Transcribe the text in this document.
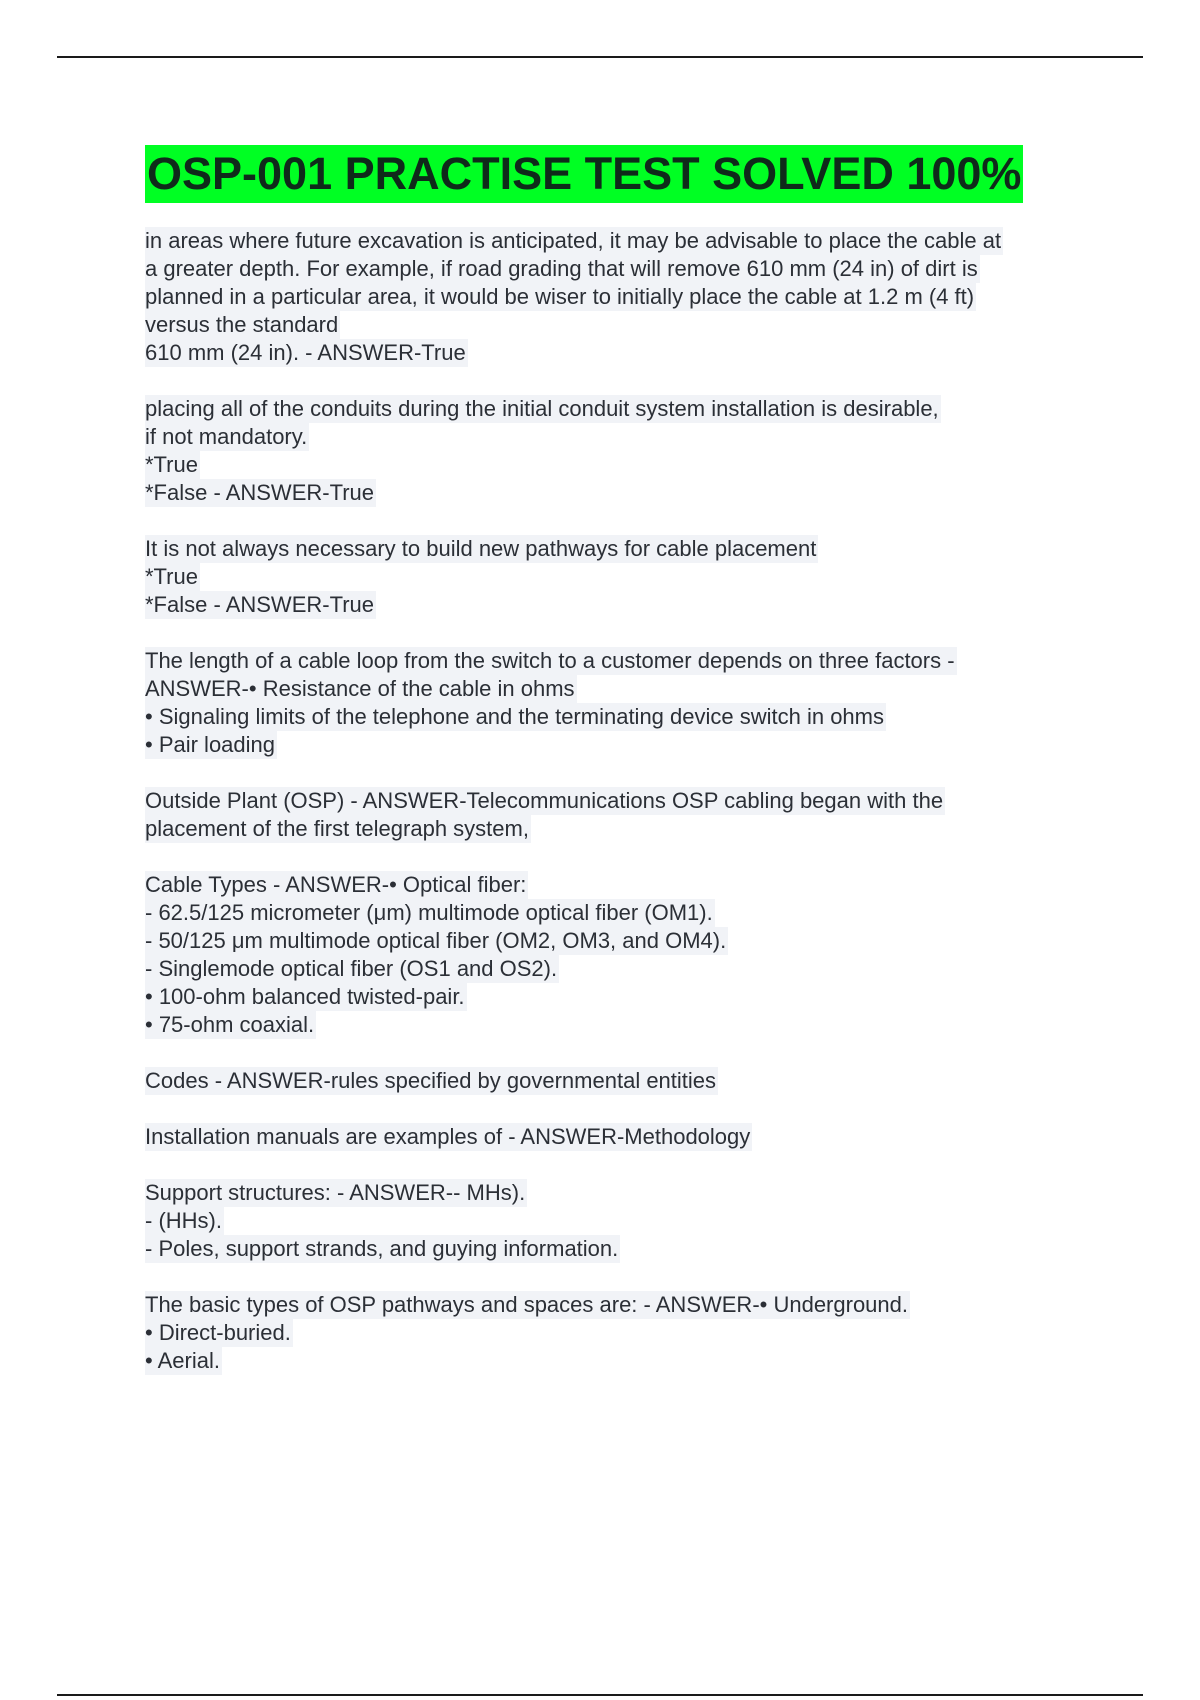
OSP-001 PRACTISE TEST SOLVED 100%
in areas where future excavation is anticipated, it may be advisable to place the cable at
a greater depth. For example, if road grading that will remove 610 mm (24 in) of dirt is
planned in a particular area, it would be wiser to initially place the cable at 1.2 m (4 ft)
versus the standard
610 mm (24 in). - ANSWER-True
placing all of the conduits during the initial conduit system installation is desirable,
if not mandatory.
*True
*False - ANSWER-True
It is not always necessary to build new pathways for cable placement
*True
*False - ANSWER-True
The length of a cable loop from the switch to a customer depends on three factors -
ANSWER-• Resistance of the cable in ohms
• Signaling limits of the telephone and the terminating device switch in ohms
• Pair loading
Outside Plant (OSP) - ANSWER-Telecommunications OSP cabling began with the
placement of the first telegraph system,
Cable Types - ANSWER-• Optical fiber:
- 62.5/125 micrometer (μm) multimode optical fiber (OM1).
- 50/125 μm multimode optical fiber (OM2, OM3, and OM4).
- Singlemode optical fiber (OS1 and OS2).
• 100-ohm balanced twisted-pair.
• 75-ohm coaxial.
Codes - ANSWER-rules specified by governmental entities
Installation manuals are examples of - ANSWER-Methodology
Support structures: - ANSWER-- MHs).
- (HHs).
- Poles, support strands, and guying information.
The basic types of OSP pathways and spaces are: - ANSWER-• Underground.
• Direct-buried.
• Aerial.
